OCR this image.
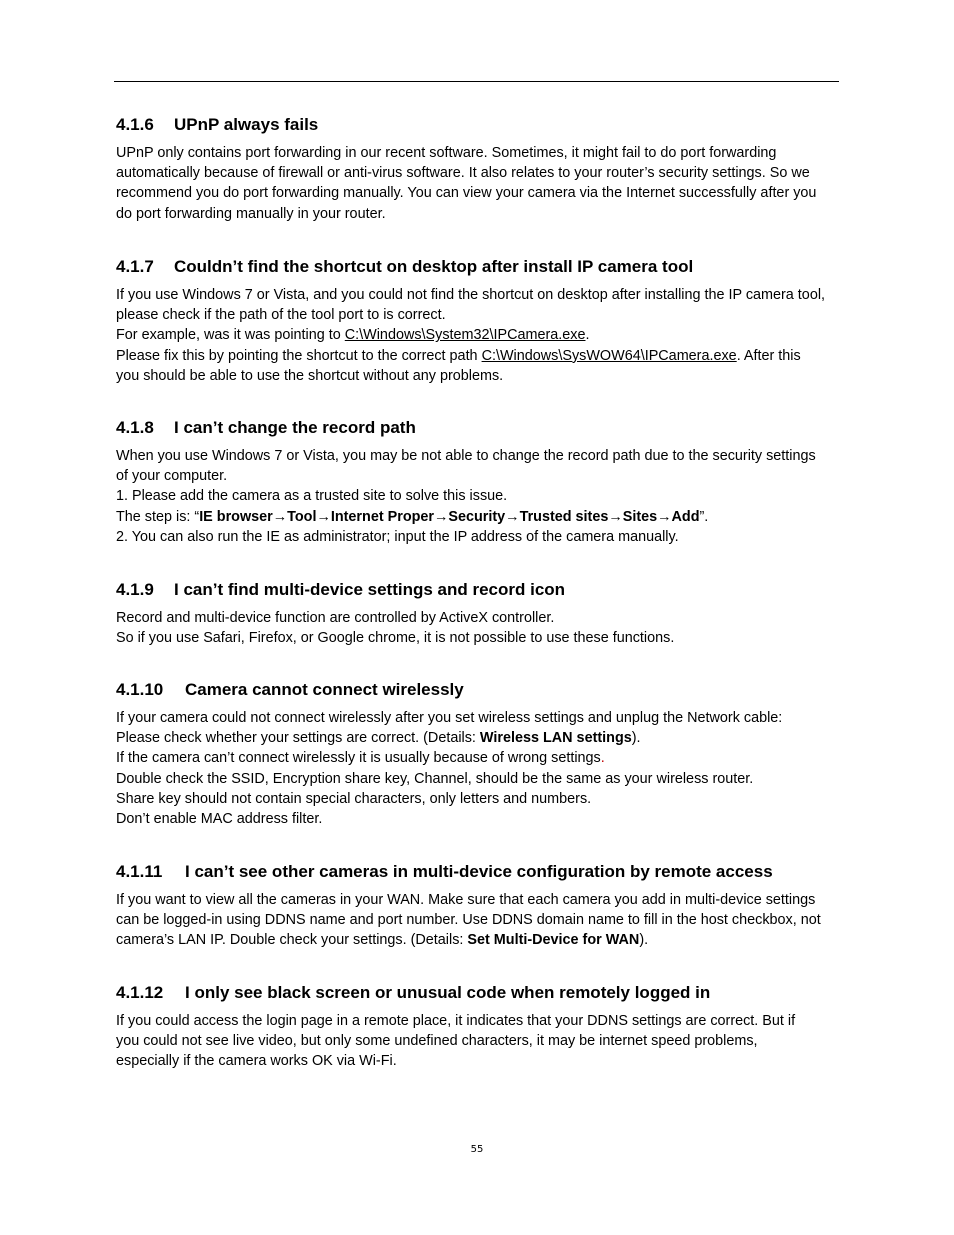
4.1.6 UPnP always fails

UPnP only contains port forwarding in our recent software. Sometimes, it might fail to do port forwarding
automatically because of firewall or anti-virus software. It also relates to your router’s security settings. So we
recommend you do port forwarding manually. You can view your camera via the Internet successfully after you
do port forwarding manually in your router.

4.1.7 Couldn’t find the shortcut on desktop after install IP camera tool

If you use Windows 7 or Vista, and you could not find the shortcut on desktop after installing the IP camera tool,
please check if the path of the tool port to is correct.
For example, was it was pointing to C:\Windows\System32\IPCamera.exe.
Please fix this by pointing the shortcut to the correct path C:\Windows\SysWOW64\IPCamera.exe. After this
you should be able to use the shortcut without any problems.

4.1.8 I can’t change the record path

When you use Windows 7 or Vista, you may be not able to change the record path due to the security settings
of your computer.
1. Please add the camera as a trusted site to solve this issue.
The step is: “IE browser→Tool→Internet Proper→Security→Trusted sites→Sites→Add”.
2. You can also run the IE as administrator; input the IP address of the camera manually.

4.1.9 I can’t find multi-device settings and record icon

Record and multi-device function are controlled by ActiveX controller.
So if you use Safari, Firefox, or Google chrome, it is not possible to use these functions.

4.1.10 Camera cannot connect wirelessly

If your camera could not connect wirelessly after you set wireless settings and unplug the Network cable:
Please check whether your settings are correct. (Details: Wireless LAN settings).
If the camera can’t connect wirelessly it is usually because of wrong settings.
Double check the SSID, Encryption share key, Channel, should be the same as your wireless router.
Share key should not contain special characters, only letters and numbers.
Don’t enable MAC address filter.

4.1.11 I can’t see other cameras in multi-device configuration by remote access

If you want to view all the cameras in your WAN. Make sure that each camera you add in multi-device settings
can be logged-in using DDNS name and port number. Use DDNS domain name to fill in the host checkbox, not
camera’s LAN IP. Double check your settings. (Details: Set Multi-Device for WAN).

4.1.12 I only see black screen or unusual code when remotely logged in

If you could access the login page in a remote place, it indicates that your DDNS settings are correct. But if
you could not see live video, but only some undefined characters, it may be internet speed problems,
especially if the camera works OK via Wi-Fi.

55
